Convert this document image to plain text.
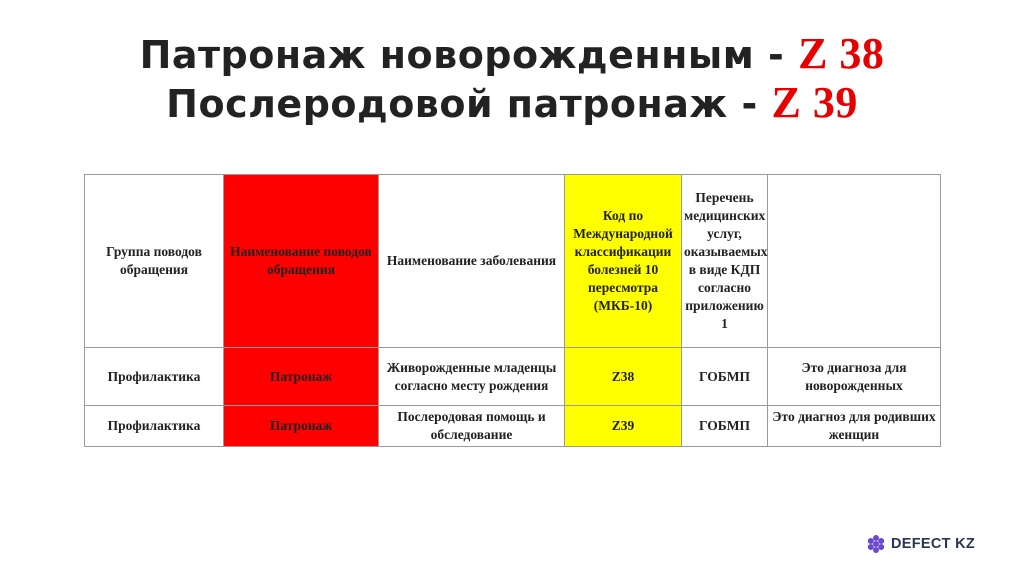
Патронаж новорожденным - Z 38
Послеродовой патронаж - Z 39
Группа поводов обращения	Наименование поводов обращения	Наименование заболевания	Код по Международной классификации болезней 10 пересмотра (МКБ-10)	Перечень медицинских услуг, оказываемых в виде КДП согласно приложению 1	
Профилактика	Патронаж	Живорожденные младенцы согласно месту рождения	Z38	ГОБМП	Это диагноза для новорожденных
Профилактика	Патронаж	Послеродовая помощь и обследование	Z39	ГОБМП	Это диагноз для родивших женщин
DEFECT KZ
